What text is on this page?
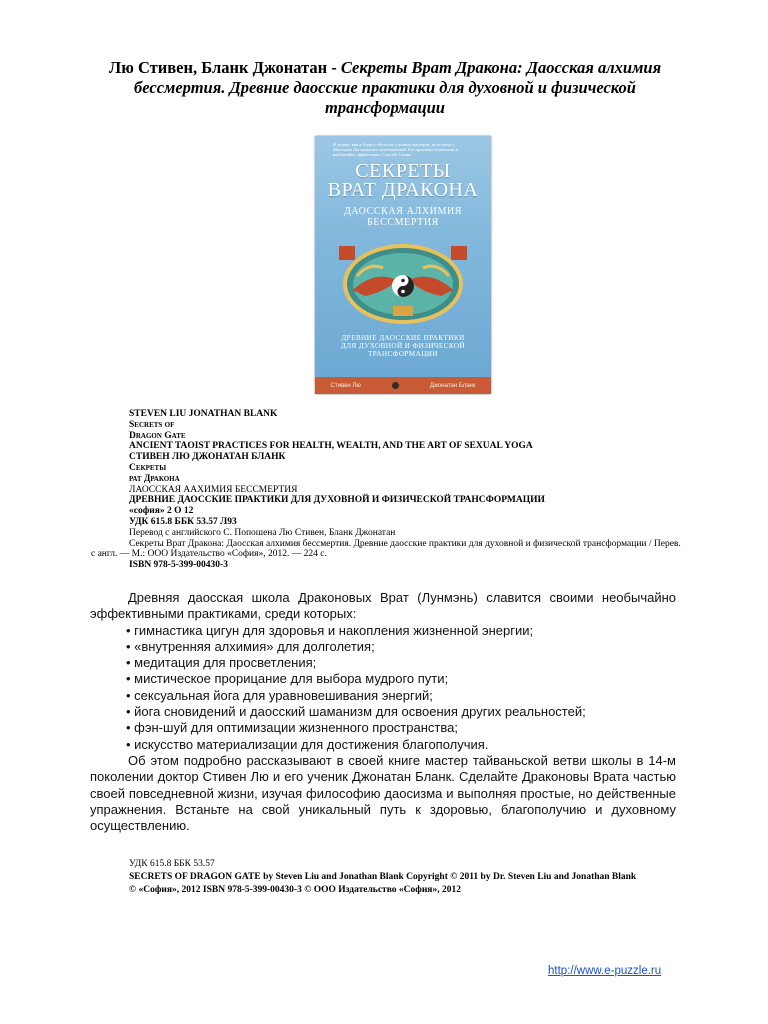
Лю Стивен, Бланк Джонатан - Секреты Врат Дракона: Даосская алхимия бессмертия. Древние даосские практики для духовной и физической трансформации
Я думаю, вам в Азии и обучался у разных мастеров, но встреча с Мастером Лю оказалась незабываемой. Его практики уникальны и необычайно эффективны. Сантэбе Сашко
СЕКРЕТЫ
ВРАТ ДРАКОНА
ДАОССКАЯ АЛХИМИЯ
БЕССМЕРТИЯ
ДРЕВНИЕ ДАОССКИЕ ПРАКТИКИ
ДЛЯ ДУХОВНОЙ И ФИЗИЧЕСКОЙ
ТРАНСФОРМАЦИИ
Стивен Лю	Джонатан Бланк
STEVEN LIU JONATHAN BLANK
Secrets of
Dragon Gate
ANCIENT TAOIST PRACTICES FOR HEALTH, WEALTH, AND THE ART OF SEXUAL YOGA
СТИВЕН ЛЮ ДЖОНАТАН БЛАНК
Секреты
рат Дракона
ЛАОССКАЯ ААХИМИЯ БЕССМЕРТИЯ
ДРЕВНИЕ ДАОССКИЕ ПРАКТИКИ ДЛЯ ДУХОВНОЙ И ФИЗИЧЕСКОЙ ТРАНСФОРМАЦИИ
«софия» 2 О 12
УДК 615.8 ББК 53.57 Л93
Перевод с английского С. Попошена Лю Стивен, Бланк Джонатан
Секреты Врат Дракона: Даосская алхимия бессмертия. Древние даосские практики для духовной и физической трансформации / Перев. с англ. — М.: ООО Издательство «София», 2012. — 224 с.
ISBN 978-5-399-00430-3

Древняя даосская школа Драконовых Врат (Лунмэнь) славится своими необычайно эффективными практиками, среди которых:

• гимнастика цигун для здоровья и накопления жизненной энергии;
• «внутренняя алхимия» для долголетия;
• медитация для просветления;
• мистическое прорицание для выбора мудрого пути;
• сексуальная йога для уравновешивания энергий;
• йога сновидений и даосский шаманизм для освоения других реальностей;
• фэн-шуй для оптимизации жизненного пространства;
• искусство материализации для достижения благополучия.

Об этом подробно рассказывают в своей книге мастер тайваньской ветви школы в 14-м поколении доктор Стивен Лю и его ученик Джонатан Бланк. Сделайте Драконовы Врата частью своей повседневной жизни, изучая философию даосизма и выполняя простые, но действенные упражнения. Встаньте на свой уникальный путь к здоровью, благополучию и духовному осуществлению.

УДК 615.8 ББК 53.57
SECRETS OF DRAGON GATE by Steven Liu and Jonathan Blank Copyright © 2011 by Dr. Steven Liu and Jonathan Blank
© «София», 2012 ISBN 978-5-399-00430-3 © ООО Издательство «София», 2012
http://www.e-puzzle.ru
